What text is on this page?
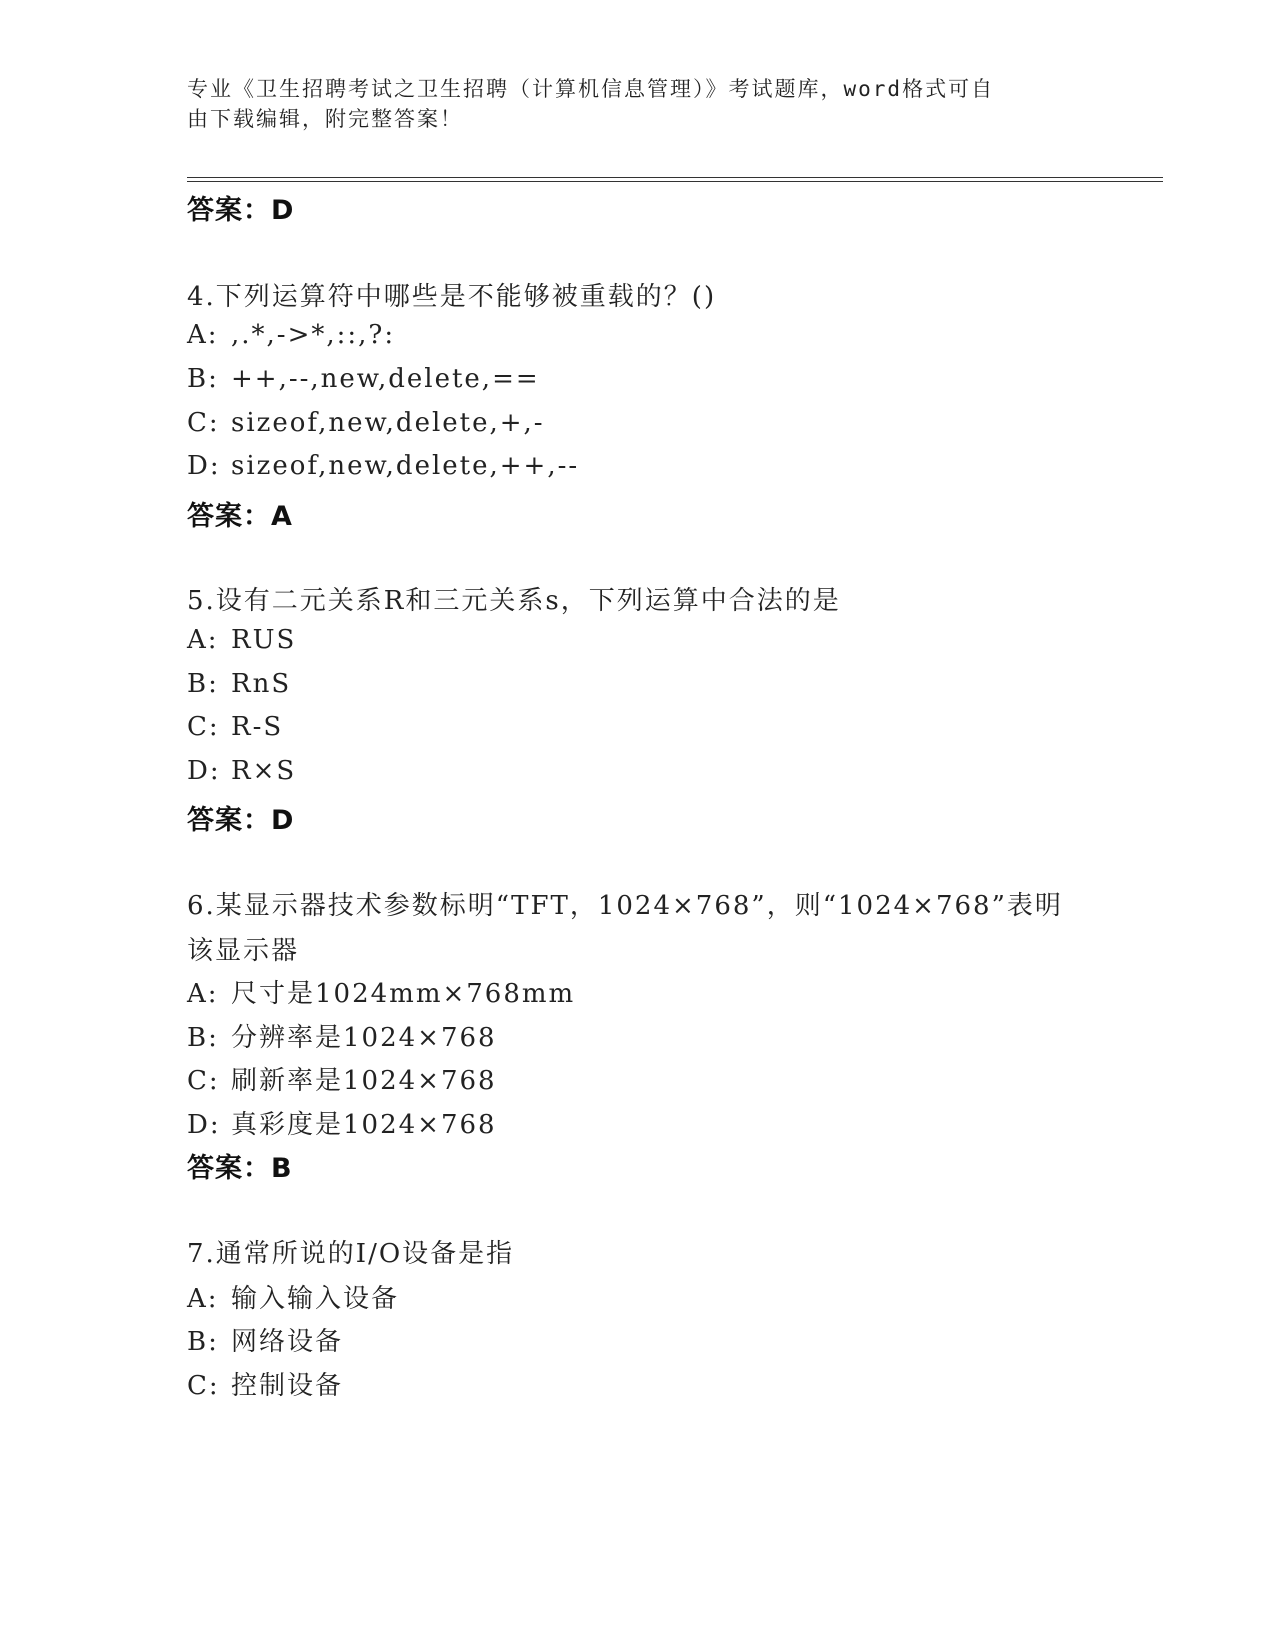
专业《卫生招聘考试之卫生招聘（计算机信息管理）》考试题库，word格式可自
由下载编辑，附完整答案！
答案：D
4.下列运算符中哪些是不能够被重载的？()
A: ,.*,->*,::,?:
B: ++,--,new,delete,==
C: sizeof,new,delete,+,-
D: sizeof,new,delete,++,--
答案：A
5.设有二元关系R和三元关系s，下列运算中合法的是
A: RUS
B: RnS
C: R-S
D: R×S
答案：D
6.某显示器技术参数标明“TFT，1024×768”，则“1024×768”表明该显示器
A: 尺寸是1024mm×768mm
B: 分辨率是1024×768
C: 刷新率是1024×768
D: 真彩度是1024×768
答案：B
7.通常所说的I/O设备是指
A: 输入输入设备
B: 网络设备
C: 控制设备
